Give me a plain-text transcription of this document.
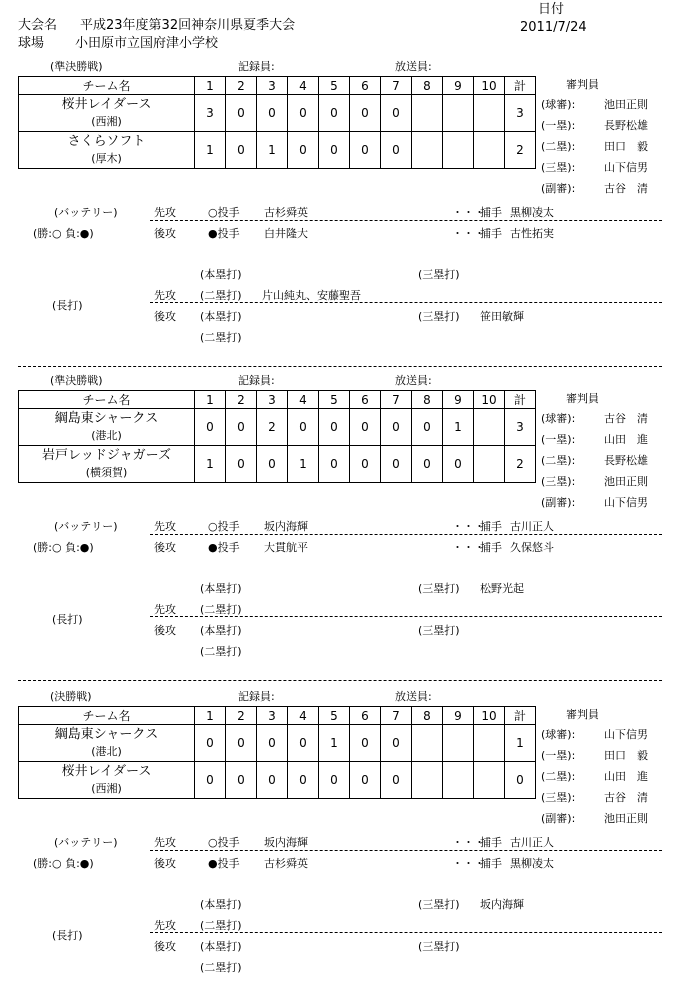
大会名 平成23年度第32回神奈川県夏季大会
球場 小田原市立国府津小学校
日付
2011/7/24
(準決勝戦)	記録員:	放送員:
チーム名	1	2	3	4	5	6	7	8	9	10	計

桜井レイダース
(西湘)	3	0	0	0	0	0	0				3

さくらソフト
(厚木)	1	0	1	0	0	0	0				2
審判員
(球審):	池田正則
(一塁):	長野松雄
(二塁):	田口　毅
(三塁):	山下信男
(副審):	古谷　清
(バッテリー)	先攻	○投手 古杉舜英	・・・
捕手 黒柳凌太
(勝:○ 負:●)	後攻	●投手 白井隆大	・・・
捕手 古性拓実
(本塁打)	(三塁打)
(長打)
先攻 (二塁打) 片山純丸、安藤聖吾
後攻 (本塁打)	(三塁打) 笹田敏輝
(二塁打)
(準決勝戦)	記録員:	放送員:
チーム名	1	2	3	4	5	6	7	8	9	10	計

綱島東シャークス
(港北)	0	0	2	0	0	0	0	0	1		3

岩戸レッドジャガーズ
(横須賀)	1	0	0	1	0	0	0	0	0		2
審判員
(球審):	古谷　清
(一塁):	山田　進
(二塁):	長野松雄
(三塁):	池田正則
(副審):	山下信男
(バッテリー)	先攻	○投手 坂内海輝	・・・
捕手 古川正人
(勝:○ 負:●)	後攻	●投手 大貫航平	・・・
捕手 久保悠斗
(本塁打)	(三塁打) 松野光起
(長打)
先攻 (二塁打)
後攻 (本塁打)	(三塁打)
(二塁打)
(決勝戦)	記録員:	放送員:
チーム名	1	2	3	4	5	6	7	8	9	10	計

綱島東シャークス
(港北)	0	0	0	0	1	0	0				1

桜井レイダース
(西湘)	0	0	0	0	0	0	0				0
審判員
(球審):	山下信男
(一塁):	田口　毅
(二塁):	山田　進
(三塁):	古谷　清
(副審):	池田正則
(バッテリー)	先攻	○投手 坂内海輝	・・・
捕手 古川正人
(勝:○ 負:●)	後攻	●投手 古杉舜英	・・・
捕手 黒柳凌太
(本塁打)	(三塁打) 坂内海輝
(長打)
先攻 (二塁打)
後攻 (本塁打)	(三塁打)
(二塁打)
